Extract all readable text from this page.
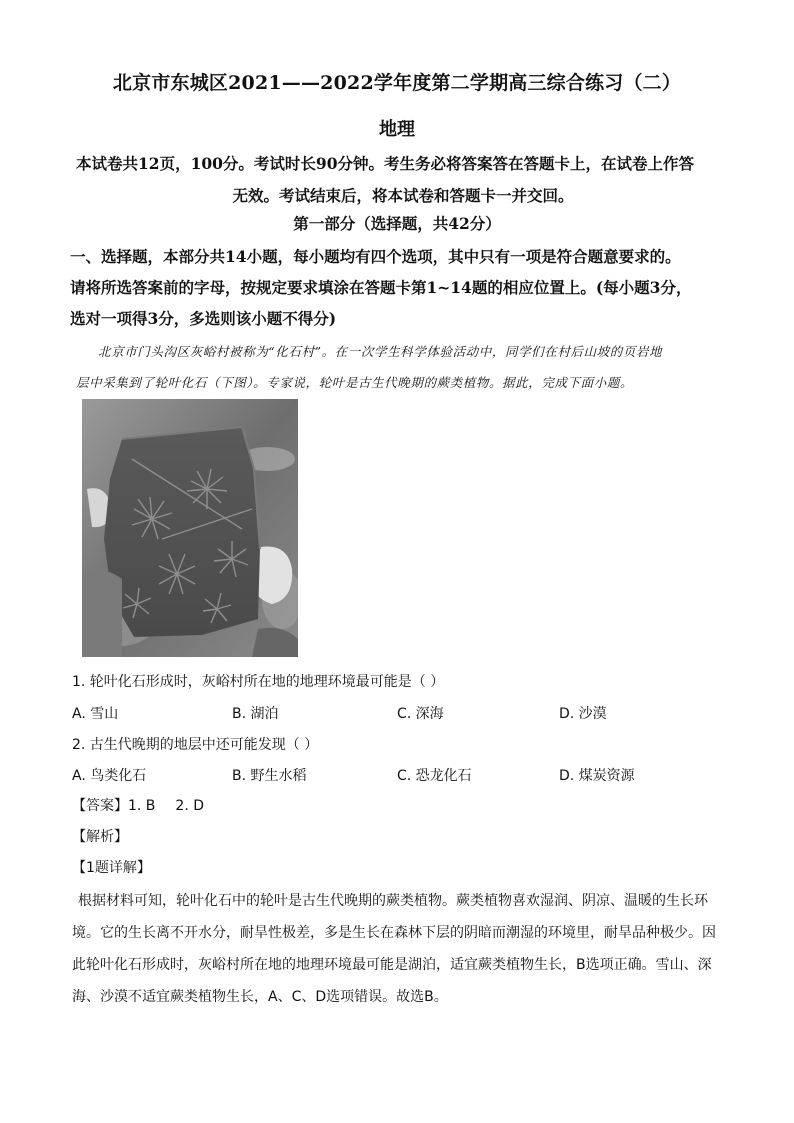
北京市东城区2021——2022学年度第二学期高三综合练习（二）
地理
本试卷共12页，100分。考试时长90分钟。考生务必将答案答在答题卡上，在试卷上作答
无效。考试结束后，将本试卷和答题卡一并交回。
第一部分（选择题，共42分）
一、选择题，本部分共14小题，每小题均有四个选项，其中只有一项是符合题意要求的。
请将所选答案前的字母，按规定要求填涂在答题卡第1~14题的相应位置上。(每小题3分，
选对一项得3分，多选则该小题不得分)
北京市门头沟区灰峪村被称为“化石村”。在一次学生科学体验活动中，同学们在村后山坡的页岩地
层中采集到了轮叶化石（下图）。专家说，轮叶是古生代晚期的蕨类植物。据此，完成下面小题。
1. 轮叶化石形成时，灰峪村所在地的地理环境最可能是（ ）
A. 雪山	B. 湖泊	C. 深海	D. 沙漠
2. 古生代晚期的地层中还可能发现（ ）
A. 鸟类化石	B. 野生水稻	C. 恐龙化石	D. 煤炭资源
【答案】1. B 2. D
【解析】
【1题详解】
根据材料可知，轮叶化石中的轮叶是古生代晚期的蕨类植物。蕨类植物喜欢湿润、阴凉、温暖的生长环
境。它的生长离不开水分，耐旱性极差，多是生长在森林下层的阴暗而潮湿的环境里，耐旱品种极少。因
此轮叶化石形成时，灰峪村所在地的地理环境最可能是湖泊，适宜蕨类植物生长，B选项正确。雪山、深
海、沙漠不适宜蕨类植物生长，A、C、D选项错误。故选B。
